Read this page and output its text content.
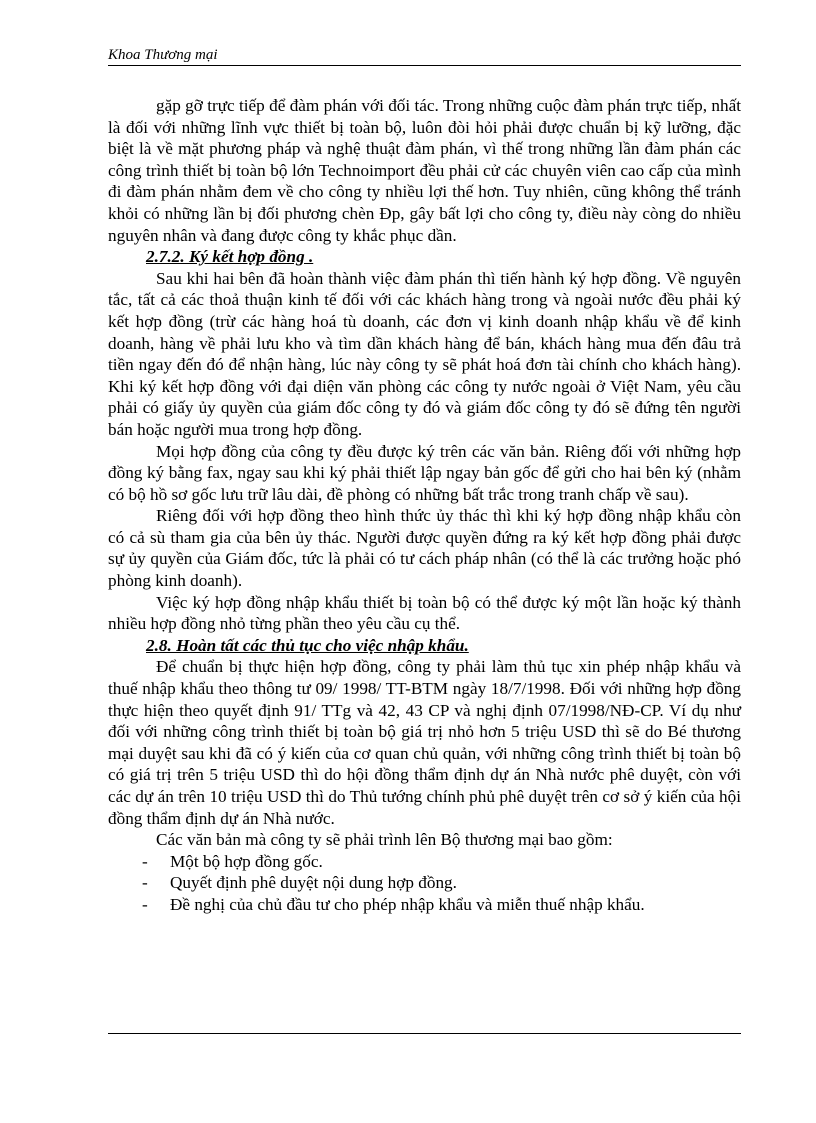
Khoa Thương mại

gặp gỡ trực tiếp để đàm phán với đối tác. Trong những cuộc đàm phán trực tiếp, nhất là đối với những lĩnh vực thiết bị toàn bộ, luôn đòi hỏi phải được chuẩn bị kỹ lưỡng, đặc biệt là về mặt phương pháp và nghệ thuật đàm phán, vì thế trong những lần đàm phán các công trình thiết bị toàn bộ lớn Technoimport đều phải cử các chuyên viên cao cấp của mình đi đàm phán nhằm đem về cho công ty nhiều lợi thế hơn. Tuy nhiên, cũng không thể tránh khỏi có những lần bị đối phương chèn Ðp, gây bất lợi cho công ty, điều này còng do nhiều nguyên nhân và đang được công ty khắc phục dần.

2.7.2. Ký kết hợp đồng .

Sau khi hai bên đã hoàn thành việc đàm phán thì tiến hành ký hợp đồng. Về nguyên tắc, tất cả các thoả thuận kinh tế đối với các khách hàng trong và ngoài nước đều phải ký kết hợp đồng (trừ các hàng hoá tù doanh, các đơn vị kinh doanh nhập khẩu về để kinh doanh, hàng về phải lưu kho và tìm dần khách hàng để bán, khách hàng mua đến đâu trả tiền ngay đến đó để nhận hàng, lúc này công ty sẽ phát hoá đơn tài chính cho khách hàng). Khi ký kết hợp đồng với đại diện văn phòng các công ty nước ngoài ở Việt Nam, yêu cầu phải có giấy ủy quyền của giám đốc công ty đó và giám đốc công ty đó sẽ đứng tên người bán hoặc người mua trong hợp đồng.

Mọi hợp đồng của công ty đều được ký trên các văn bản. Riêng đối với những hợp đồng ký bằng fax, ngay sau khi ký phải thiết lập ngay bản gốc để gửi cho hai bên ký (nhằm có bộ hồ sơ gốc lưu trữ lâu dài, đề phòng có những bất trắc trong tranh chấp về sau).

Riêng đối với hợp đồng theo hình thức ủy thác thì khi ký hợp đồng nhập khẩu còn có cả sù tham gia của bên ủy thác. Người được quyền đứng ra ký kết hợp đồng phải được sự ủy quyền của Giám đốc, tức là phải có tư cách pháp nhân (có thể là các trưởng hoặc phó phòng kinh doanh).

Việc ký hợp đồng nhập khẩu thiết bị toàn bộ có thể được ký một lần hoặc ký thành nhiều hợp đồng nhỏ từng phần theo yêu cầu cụ thể.

2.8. Hoàn tất các thủ tục cho việc nhập khẩu.

Để chuẩn bị thực hiện hợp đồng, công ty phải làm thủ tục xin phép nhập khẩu và thuế nhập khẩu theo thông tư 09/ 1998/ TT-BTM ngày 18/7/1998. Đối với những hợp đồng thực hiện theo quyết định 91/ TTg và 42, 43 CP và nghị định 07/1998/NĐ-CP. Ví dụ như đối với những công trình thiết bị toàn bộ giá trị nhỏ hơn 5 triệu USD thì sẽ do Bé thương mại duyệt sau khi đã có ý kiến của cơ quan chủ quản, với những công trình thiết bị toàn bộ có giá trị trên 5 triệu USD thì do hội đồng thẩm định dự án Nhà nước phê duyệt, còn với các dự án trên 10 triệu USD thì do Thủ tướng chính phủ phê duyệt trên cơ sở ý kiến của hội đồng thẩm định dự án Nhà nước.

Các văn bản mà công ty sẽ phải trình lên Bộ thương mại bao gồm:

- Một bộ hợp đồng gốc.
- Quyết định phê duyệt nội dung hợp đồng.
- Đề nghị của chủ đầu tư cho phép nhập khẩu và miễn thuế nhập khẩu.
